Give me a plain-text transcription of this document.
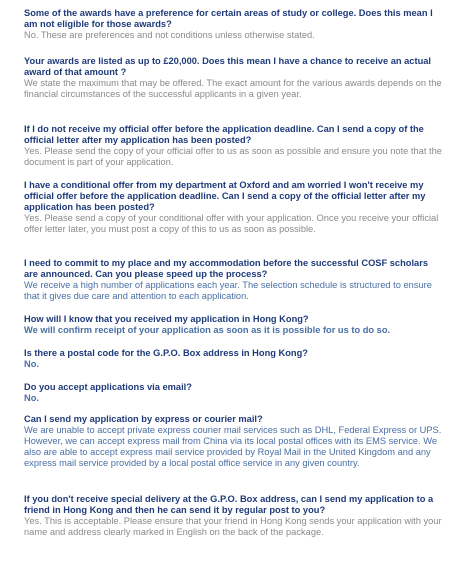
Some of the awards have a preference for certain areas of study or college. Does this mean I am not eligible for those awards?

No. These are preferences and not conditions unless otherwise stated.

Your awards are listed as up to £20,000. Does this mean I have a chance to receive an actual award of that amount ?

We state the maximum that may be offered. The exact amount for the various awards depends on the financial circumstances of the successful applicants in a given year.

If I do not receive my official offer before the application deadline. Can I send a copy of the official letter after my application has been posted?

Yes. Please send the copy of your official offer to us as soon as possible and ensure you note that the document is part of your application.

I have a conditional offer from my department at Oxford and am worried I won't receive my official offer before the application deadline. Can I send a copy of the official letter after my application has been posted?

Yes. Please send a copy of your conditional offer with your application. Once you receive your official offer letter later, you must post a copy of this to us as soon as possible.

I need to commit to my place and my accommodation before the successful COSF scholars are announced. Can you please speed up the process?

We receive a high number of applications each year. The selection schedule is structured to ensure that it gives due care and attention to each application.

How will I know that you received my application in Hong Kong?

We will confirm receipt of your application as soon as it is possible for us to do so.

Is there a postal code for the G.P.O. Box address in Hong Kong?

No.

Do you accept applications via email?

No.

Can I send my application by express or courier mail?

We are unable to accept private express courier mail services such as DHL, Federal Express or UPS. However, we can accept express mail from China via its local postal offices with its EMS service. We also are able to accept express mail service provided by Royal Mail in the United Kingdom and any express mail service provided by a local postal office service in any given country.

If you don't receive special delivery at the G.P.O. Box address, can I send my application to a friend in Hong Kong and then he can send it by regular post to you?

Yes. This is acceptable. Please ensure that your friend in Hong Kong sends your application with your name and address clearly marked in English on the back of the package.
